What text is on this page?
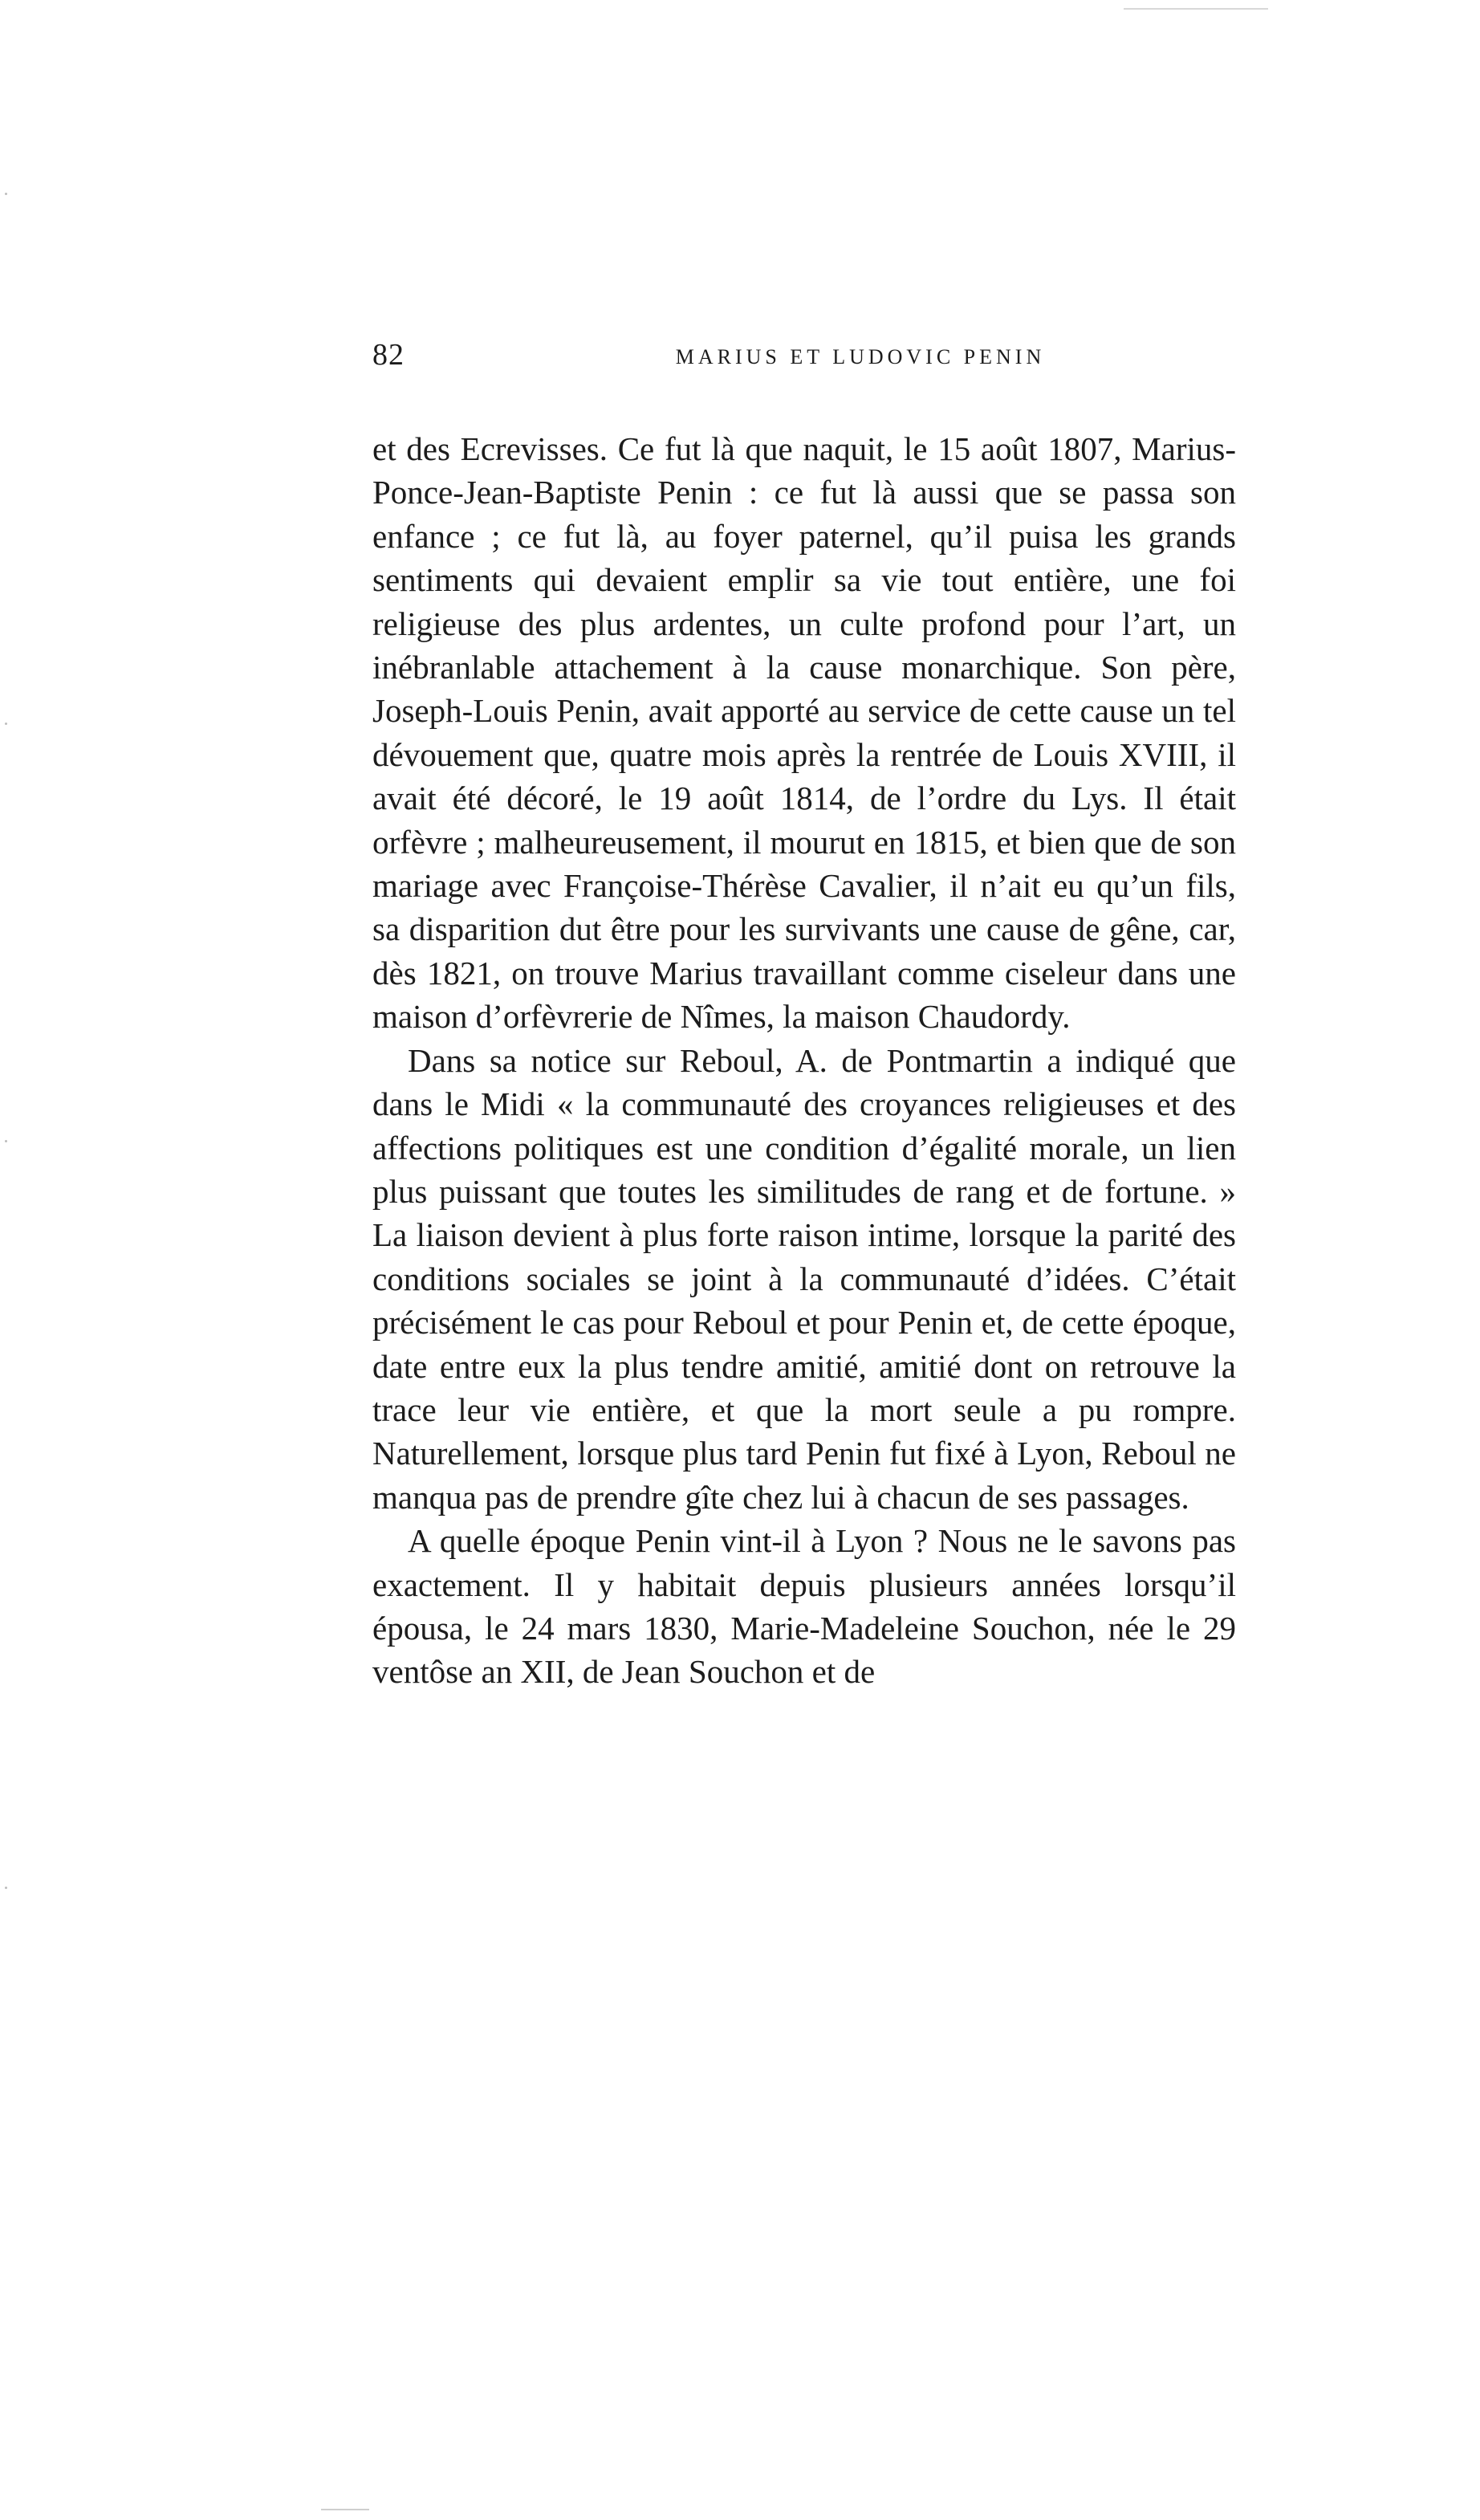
82	MARIUS ET LUDOVIC PENIN

et des Ecrevisses. Ce fut là que naquit, le 15 août 1807, Marius-Ponce-Jean-Baptiste Penin : ce fut là aussi que se passa son enfance ; ce fut là, au foyer paternel, qu’il puisa les grands sentiments qui devaient emplir sa vie tout entière, une foi religieuse des plus ardentes, un culte profond pour l’art, un inébranlable attachement à la cause monarchique. Son père, Joseph-Louis Penin, avait apporté au service de cette cause un tel dévouement que, quatre mois après la rentrée de Louis XVIII, il avait été décoré, le 19 août 1814, de l’ordre du Lys. Il était orfèvre ; malheureusement, il mourut en 1815, et bien que de son mariage avec Françoise-Thérèse Cavalier, il n’ait eu qu’un fils, sa disparition dut être pour les survivants une cause de gêne, car, dès 1821, on trouve Marius travaillant comme ciseleur dans une maison d’orfèvrerie de Nîmes, la maison Chaudordy.

Dans sa notice sur Reboul, A. de Pontmartin a indiqué que dans le Midi « la communauté des croyances religieuses et des affections politiques est une condition d’égalité morale, un lien plus puissant que toutes les similitudes de rang et de fortune. » La liaison devient à plus forte raison intime, lorsque la parité des conditions sociales se joint à la communauté d’idées. C’était précisément le cas pour Reboul et pour Penin et, de cette époque, date entre eux la plus tendre amitié, amitié dont on retrouve la trace leur vie entière, et que la mort seule a pu rompre. Naturellement, lorsque plus tard Penin fut fixé à Lyon, Reboul ne manqua pas de prendre gîte chez lui à chacun de ses passages.

A quelle époque Penin vint-il à Lyon ? Nous ne le savons pas exactement. Il y habitait depuis plusieurs années lorsqu’il épousa, le 24 mars 1830, Marie-Madeleine Souchon, née le 29 ventôse an XII, de Jean Souchon et de
